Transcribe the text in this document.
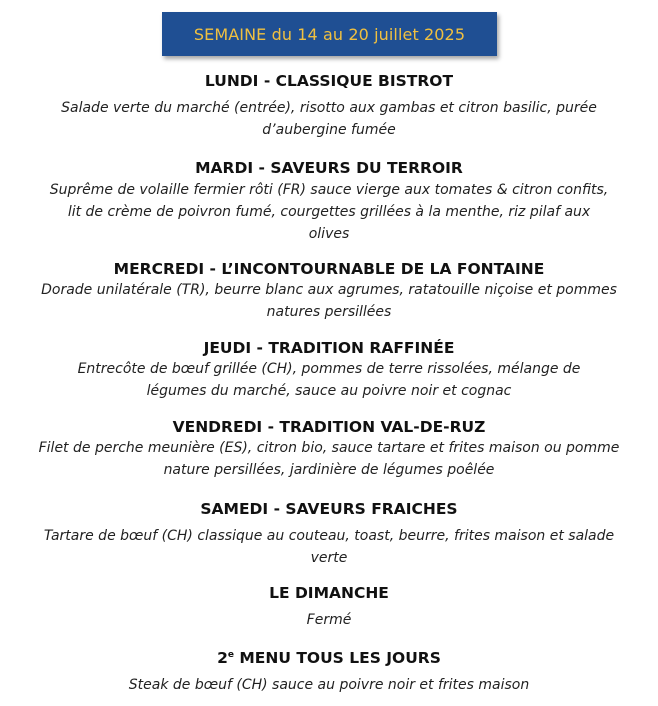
SEMAINE du 14 au 20 juillet 2025

LUNDI - CLASSIQUE BISTROT

Salade verte du marché (entrée), risotto aux gambas et citron basilic, purée d’aubergine fumée

MARDI - SAVEURS DU TERROIR

Suprême de volaille fermier rôti (FR) sauce vierge aux tomates & citron confits, lit de crème de poivron fumé, courgettes grillées à la menthe, riz pilaf aux olives

MERCREDI - L’INCONTOURNABLE DE LA FONTAINE

Dorade unilatérale (TR), beurre blanc aux agrumes, ratatouille niçoise et pommes natures persillées

JEUDI - TRADITION RAFFINÉE

Entrecôte de bœuf grillée (CH), pommes de terre rissolées, mélange de légumes du marché, sauce au poivre noir et cognac

VENDREDI - TRADITION VAL-DE-RUZ

Filet de perche meunière (ES), citron bio, sauce tartare et frites maison ou pomme nature persillées, jardinière de légumes poêlée

SAMEDI - SAVEURS FRAICHES

Tartare de bœuf (CH) classique au couteau, toast, beurre, frites maison et salade verte

LE DIMANCHE

Fermé

2e MENU TOUS LES JOURS

Steak de bœuf (CH) sauce au poivre noir et frites maison
